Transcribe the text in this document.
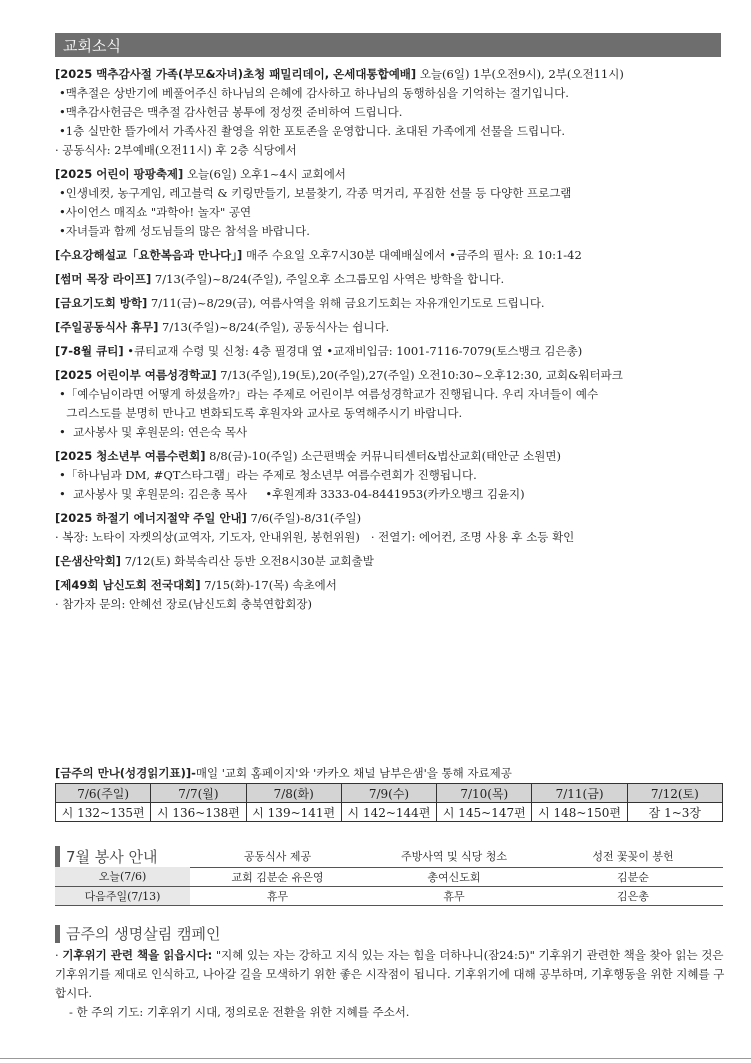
교회소식
[2025 맥추감사절 가족(부모&자녀)초청 패밀리데이, 온세대통합예배] 오늘(6일) 1부(오전9시), 2부(오전11시)
•맥추절은 상반기에 베풀어주신 하나님의 은혜에 감사하고 하나님의 동행하심을 기억하는 절기입니다.
•맥추감사헌금은 맥추절 감사헌금 봉투에 정성껏 준비하여 드립니다.
•1층 실만한 뜰가에서 가족사진 촬영을 위한 포토존을 운영합니다. 초대된 가족에게 선물을 드립니다.
· 공동식사: 2부예배(오전11시) 후 2층 식당에서
[2025 어린이 팡팡축제] 오늘(6일) 오후1~4시 교회에서
•인생네컷, 농구게임, 레고블럭 & 키링만들기, 보물찾기, 각종 먹거리, 푸짐한 선물 등 다양한 프로그램
•사이언스 매직쇼 "과학아! 놀자" 공연
•자녀들과 함께 성도님들의 많은 참석을 바랍니다.
[수요강해설교「요한복음과 만나다」] 매주 수요일 오후7시30분 대예배실에서 •금주의 필사: 요 10:1-42
[썸머 목장 라이프] 7/13(주일)~8/24(주일), 주일오후 소그룹모임 사역은 방학을 합니다.
[금요기도회 방학] 7/11(금)~8/29(금), 여름사역을 위해 금요기도회는 자유개인기도로 드립니다.
[주일공동식사 휴무] 7/13(주일)~8/24(주일), 공동식사는 쉽니다.
[7-8월 큐티] •큐티교재 수령 및 신청: 4층 필경대 옆 •교재비입금: 1001-7116-7079(토스뱅크 김은총)
[2025 어린이부 여름성경학교] 7/13(주일),19(토),20(주일),27(주일) 오전10:30~오후12:30, 교회&워터파크
•「예수님이라면 어떻게 하셨을까?」라는 주제로 어린이부 여름성경학교가 진행됩니다. 우리 자녀들이 예수
그리스도를 분명히 만나고 변화되도록 후원자와 교사로 동역해주시기 바랍니다.
•  교사봉사 및 후원문의: 연은숙 목사
[2025 청소년부 여름수련회] 8/8(금)-10(주일) 소근편백숲 커뮤니티센터&법산교회(태안군 소원면)
•「하나님과 DM, #QT스타그램」라는 주제로 청소년부 여름수련회가 진행됩니다.
•  교사봉사 및 후원문의: 김은총 목사     •후원계좌 3333-04-8441953(카카오뱅크 김윤지)
[2025 하절기 에너지절약 주일 안내] 7/6(주일)-8/31(주일)
· 복장: 노타이 자켓의상(교역자, 기도자, 안내위원, 봉헌위원)   · 전열기: 에어컨, 조명 사용 후 소등 확인
[은샘산악회] 7/12(토) 화북속리산 등반 오전8시30분 교회출발
[제49회 남신도회 전국대회] 7/15(화)-17(목) 속초에서
· 참가자 문의: 안혜선 장로(남신도회 충북연합회장)
[금주의 만나(성경읽기표)]-매일 '교회 홈페이지'와 '카카오 채널 남부은샘'을 통해 자료제공
7/6(주일)	7/7(월)	7/8(화)	7/9(수)	7/10(목)	7/11(금)	7/12(토)
시 132~135편	시 136~138편	시 139~141편	시 142~144편	시 145~147편	시 148~150편	잠 1~3장
7월 봉사 안내	공동식사 제공	주방사역 및 식당 청소	성전 꽃꽂이 봉헌
오늘(7/6)	교회 김분순 유은영	총여신도회	김분순
다음주일(7/13)	휴무	휴무	김은총
금주의 생명살림 캠페인
· 기후위기 관련 책을 읽읍시다: "지혜 있는 자는 강하고 지식 있는 자는 힘을 더하나니(잠24:5)" 기후위기 관련한 책을 찾아 읽는 것은 기후위기를 제대로 인식하고, 나아갈 길을 모색하기 위한 좋은 시작점이 됩니다. 기후위기에 대해 공부하며, 기후행동을 위한 지혜를 구합시다.
- 한 주의 기도: 기후위기 시대, 정의로운 전환을 위한 지혜를 주소서.
